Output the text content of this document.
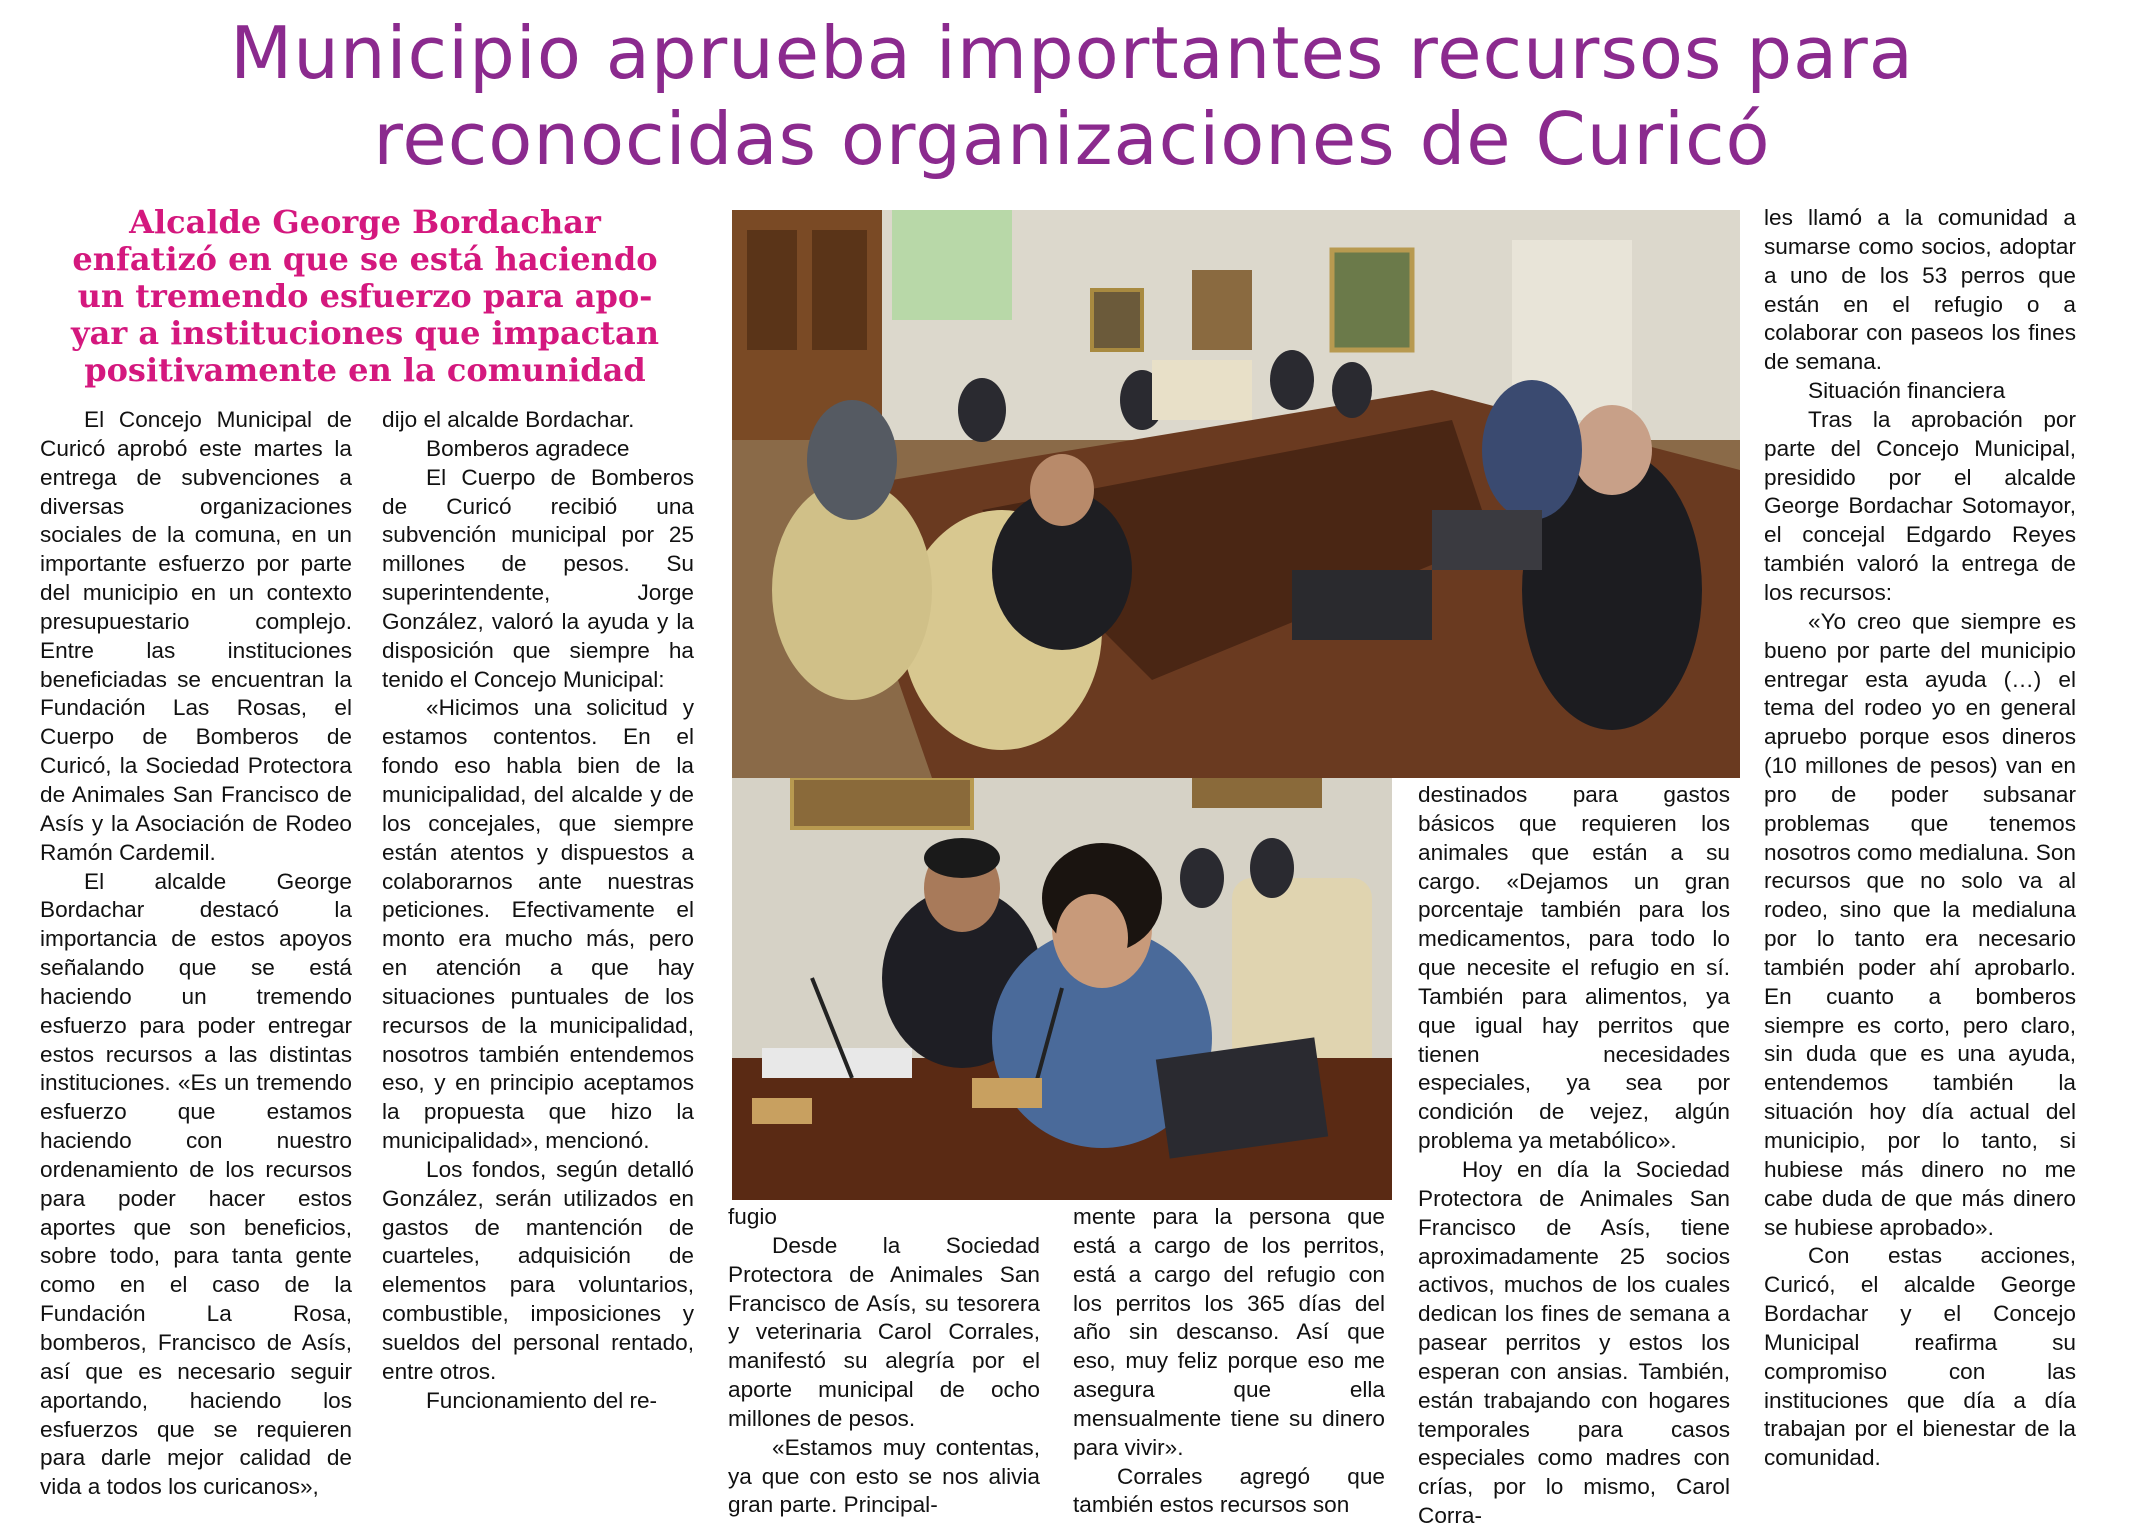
Municipio aprueba importantes recursos para
reconocidas organizaciones de Curicó
Alcalde George Bordachar
enfatizó en que se está haciendo
un tremendo esfuerzo para apo-
yar a instituciones que impactan
positivamente en la comunidad

El Concejo Municipal de Curicó aprobó este martes la entrega de subvenciones a diversas organizaciones sociales de la comuna, en un importante esfuerzo por parte del municipio en un contexto presupuestario complejo. Entre las instituciones beneficiadas se encuentran la Fundación Las Rosas, el Cuerpo de Bomberos de Curicó, la Sociedad Protectora de Animales San Francisco de Asís y la Asociación de Rodeo Ramón Cardemil.

El alcalde George Bordachar destacó la importancia de estos apoyos señalando que se está haciendo un tremendo esfuerzo para poder entregar estos recursos a las distintas instituciones. «Es un tremendo esfuerzo que estamos haciendo con nuestro ordenamiento de los recursos para poder hacer estos aportes que son beneficios, sobre todo, para tanta gente como en el caso de la Fundación La Rosa, bomberos, Francisco de Asís, así que es necesario seguir aportando, haciendo los esfuerzos que se requieren para darle mejor calidad de vida a todos los curicanos»,

dijo el alcalde Bordachar.

Bomberos agradece

El Cuerpo de Bomberos de Curicó recibió una subvención municipal por 25 millones de pesos. Su superintendente, Jorge González, valoró la ayuda y la disposición que siempre ha tenido el Concejo Municipal:

«Hicimos una solicitud y estamos contentos. En el fondo eso habla bien de la municipalidad, del alcalde y de los concejales, que siempre están atentos y dispuestos a colaborarnos ante nuestras peticiones. Efectivamente el monto era mucho más, pero en atención a que hay situaciones puntuales de los recursos de la municipalidad, nosotros también entendemos eso, y en principio aceptamos la propuesta que hizo la municipalidad», mencionó.

Los fondos, según detalló González, serán utilizados en gastos de mantención de cuarteles, adquisición de elementos para voluntarios, combustible, imposiciones y sueldos del personal rentado, entre otros.

Funcionamiento del re-

fugio

Desde la Sociedad Protectora de Animales San Francisco de Asís, su tesorera y veterinaria Carol Corrales, manifestó su alegría por el aporte municipal de ocho millones de pesos.

«Estamos muy contentas, ya que con esto se nos alivia gran parte. Principal-

mente para la persona que está a cargo de los perritos, está a cargo del refugio con los perritos los 365 días del año sin descanso. Así que eso, muy feliz porque eso me asegura que ella mensualmente tiene su dinero para vivir».

Corrales agregó que también estos recursos son

destinados para gastos básicos que requieren los animales que están a su cargo. «Dejamos un gran porcentaje también para los medicamentos, para todo lo que necesite el refugio en sí. También para alimentos, ya que igual hay perritos que tienen necesidades especiales, ya sea por condición de vejez, algún problema ya metabólico».

Hoy en día la Sociedad Protectora de Animales San Francisco de Asís, tiene aproximadamente 25 socios activos, muchos de los cuales dedican los fines de semana a pasear perritos y estos los esperan con ansias. También, están trabajando con hogares temporales para casos especiales como madres con crías, por lo mismo, Carol Corra-

les llamó a la comunidad a sumarse como socios, adoptar a uno de los 53 perros que están en el refugio o a colaborar con paseos los fines de semana.

Situación financiera

Tras la aprobación por parte del Concejo Municipal, presidido por el alcalde George Bordachar Sotomayor, el concejal Edgardo Reyes también valoró la entrega de los recursos:

«Yo creo que siempre es bueno por parte del municipio entregar esta ayuda (…) el tema del rodeo yo en general apruebo porque esos dineros (10 millones de pesos) van en pro de poder subsanar problemas que tenemos nosotros como medialuna. Son recursos que no solo va al rodeo, sino que la medialuna por lo tanto era necesario también poder ahí aprobarlo. En cuanto a bomberos siempre es corto, pero claro, sin duda que es una ayuda, entendemos también la situación hoy día actual del municipio, por lo tanto, si hubiese más dinero no me cabe duda de que más dinero se hubiese aprobado».

Con estas acciones, Curicó, el alcalde George Bordachar y el Concejo Municipal reafirma su compromiso con las instituciones que día a día trabajan por el bienestar de la comunidad.
